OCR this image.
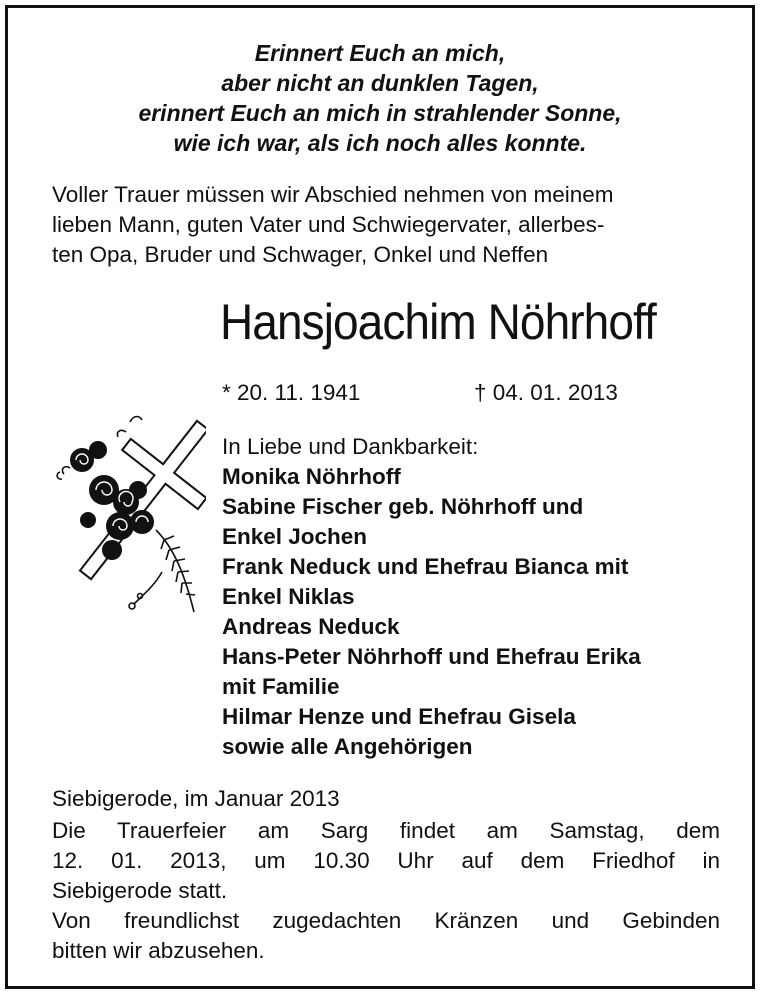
Erinnert Euch an mich,
aber nicht an dunklen Tagen,
erinnert Euch an mich in strahlender Sonne,
wie ich war, als ich noch alles konnte.
Voller Trauer müssen wir Abschied nehmen von meinem
lieben Mann, guten Vater und Schwiegervater, allerbes-
ten Opa, Bruder und Schwager, Onkel und Neffen
Hansjoachim Nöhrhoff
* 20. 11. 1941	† 04. 01. 2013
In Liebe und Dankbarkeit:
Monika Nöhrhoff
Sabine Fischer geb. Nöhrhoff und
Enkel Jochen
Frank Neduck und Ehefrau Bianca mit
Enkel Niklas
Andreas Neduck
Hans-Peter Nöhrhoff und Ehefrau Erika
mit Familie
Hilmar Henze und Ehefrau Gisela
sowie alle Angehörigen
Siebigerode, im Januar 2013
Die Trauerfeier am Sarg findet am Samstag, dem
12. 01. 2013, um 10.30 Uhr auf dem Friedhof in
Siebigerode statt.
Von freundlichst zugedachten Kränzen und Gebinden
bitten wir abzusehen.
